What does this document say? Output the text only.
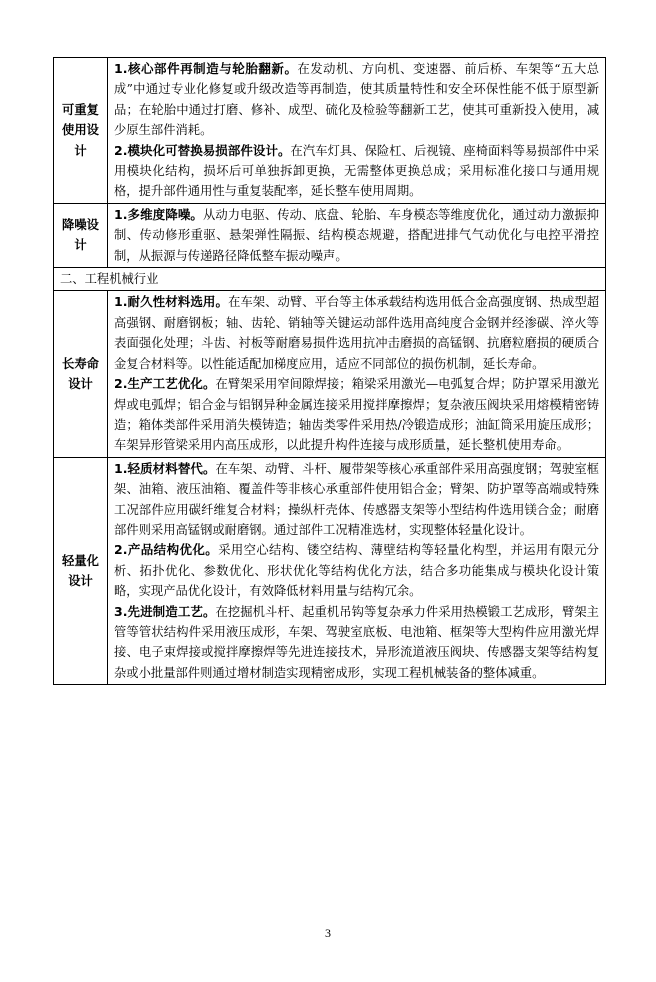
可重复使用设计	1.核心部件再制造与轮胎翻新。在发动机、方向机、变速器、前后桥、车架等“五大总成”中通过专业化修复或升级改造等再制造，使其质量特性和安全环保性能不低于原型新品；在轮胎中通过打磨、修补、成型、硫化及检验等翻新工艺，使其可重新投入使用，减少原生部件消耗。
2.模块化可替换易损部件设计。在汽车灯具、保险杠、后视镜、座椅面料等易损部件中采用模块化结构，损坏后可单独拆卸更换，无需整体更换总成；采用标准化接口与通用规格，提升部件通用性与重复装配率，延长整车使用周期。

降噪设计	1.多维度降噪。从动力电驱、传动、底盘、轮胎、车身模态等维度优化，通过动力激振抑制、传动修形重驱、悬架弹性隔振、结构模态规避，搭配进排气气动优化与电控平滑控制，从振源与传递路径降低整车振动噪声。

二、工程机械行业	
长寿命设计	1.耐久性材料选用。在车架、动臂、平台等主体承载结构选用低合金高强度钢、热成型超高强钢、耐磨钢板；轴、齿轮、销轴等关键运动部件选用高纯度合金钢并经渗碳、淬火等表面强化处理；斗齿、衬板等耐磨易损件选用抗冲击磨损的高锰钢、抗磨粒磨损的硬质合金复合材料等。以性能适配加梯度应用，适应不同部位的损伤机制，延长寿命。
2.生产工艺优化。在臂架采用窄间隙焊接；箱梁采用激光—电弧复合焊；防护罩采用激光焊或电弧焊；铝合金与铝钢异种金属连接采用搅拌摩擦焊；复杂液压阀块采用熔模精密铸造；箱体类部件采用消失模铸造；轴齿类零件采用热/冷锻造成形；油缸筒采用旋压成形；车架异形管梁采用内高压成形，以此提升构件连接与成形质量，延长整机使用寿命。

轻量化设计	1.轻质材料替代。在车架、动臂、斗杆、履带架等核心承重部件采用高强度钢；驾驶室框架、油箱、液压油箱、覆盖件等非核心承重部件使用铝合金；臂架、防护罩等高端或特殊工况部件应用碳纤维复合材料；操纵杆壳体、传感器支架等小型结构件选用镁合金；耐磨部件则采用高锰钢或耐磨钢。通过部件工况精准选材，实现整体轻量化设计。
2.产品结构优化。采用空心结构、镂空结构、薄壁结构等轻量化构型，并运用有限元分析、拓扑优化、参数优化、形状优化等结构优化方法，结合多功能集成与模块化设计策略，实现产品优化设计，有效降低材料用量与结构冗余。
3.先进制造工艺。在挖掘机斗杆、起重机吊钩等复杂承力件采用热模锻工艺成形，臂架主管等管状结构件采用液压成形，车架、驾驶室底板、电池箱、框架等大型构件应用激光焊接、电子束焊接或搅拌摩擦焊等先进连接技术，异形流道液压阀块、传感器支架等结构复杂或小批量部件则通过增材制造实现精密成形，实现工程机械装备的整体减重。
3
